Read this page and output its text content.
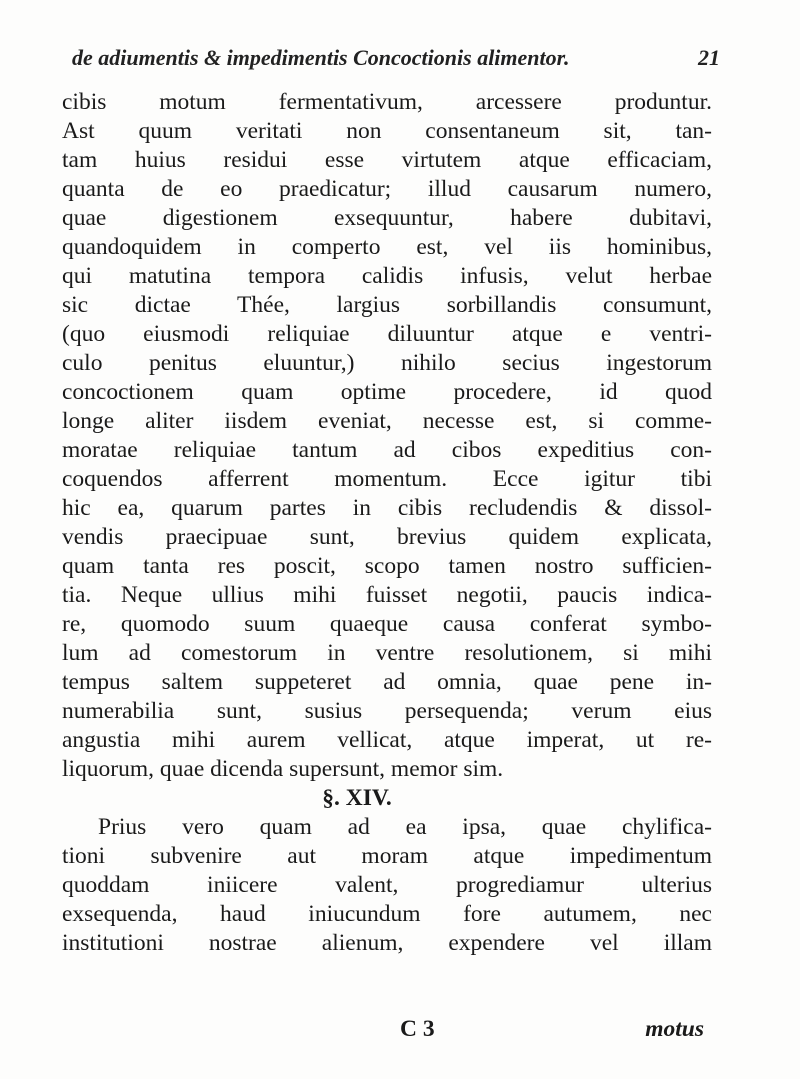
de adiumentis & impedimentis Concoctionis alimentor.	21
cibis motum fermentativum, arcessere produntur.
Ast quum veritati non consentaneum sit, tan-
tam huius residui esse virtutem atque efficaciam,
quanta de eo praedicatur; illud causarum numero,
quae digestionem exsequuntur, habere dubitavi,
quandoquidem in comperto est, vel iis hominibus,
qui matutina tempora calidis infusis, velut herbae
sic dictae Thée, largius sorbillandis consumunt,
(quo eiusmodi reliquiae diluuntur atque e ventri-
culo penitus eluuntur,) nihilo secius ingestorum
concoctionem quam optime procedere, id quod
longe aliter iisdem eveniat, necesse est, si comme-
moratae reliquiae tantum ad cibos expeditius con-
coquendos afferrent momentum. Ecce igitur tibi
hic ea, quarum partes in cibis recludendis & dissol-
vendis praecipuae sunt, brevius quidem explicata,
quam tanta res poscit, scopo tamen nostro sufficien-
tia. Neque ullius mihi fuisset negotii, paucis indica-
re, quomodo suum quaeque causa conferat symbo-
lum ad comestorum in ventre resolutionem, si mihi
tempus saltem suppeteret ad omnia, quae pene in-
numerabilia sunt, susius persequenda; verum eius
angustia mihi aurem vellicat, atque imperat, ut re-
liquorum, quae dicenda supersunt, memor sim.
§. XIV.
Prius vero quam ad ea ipsa, quae chylifica-
tioni subvenire aut moram atque impedimentum
quoddam iniicere valent, progrediamur ulterius
exsequenda, haud iniucundum fore autumem, nec
institutioni nostrae alienum, expendere vel illam
C 3	motus
